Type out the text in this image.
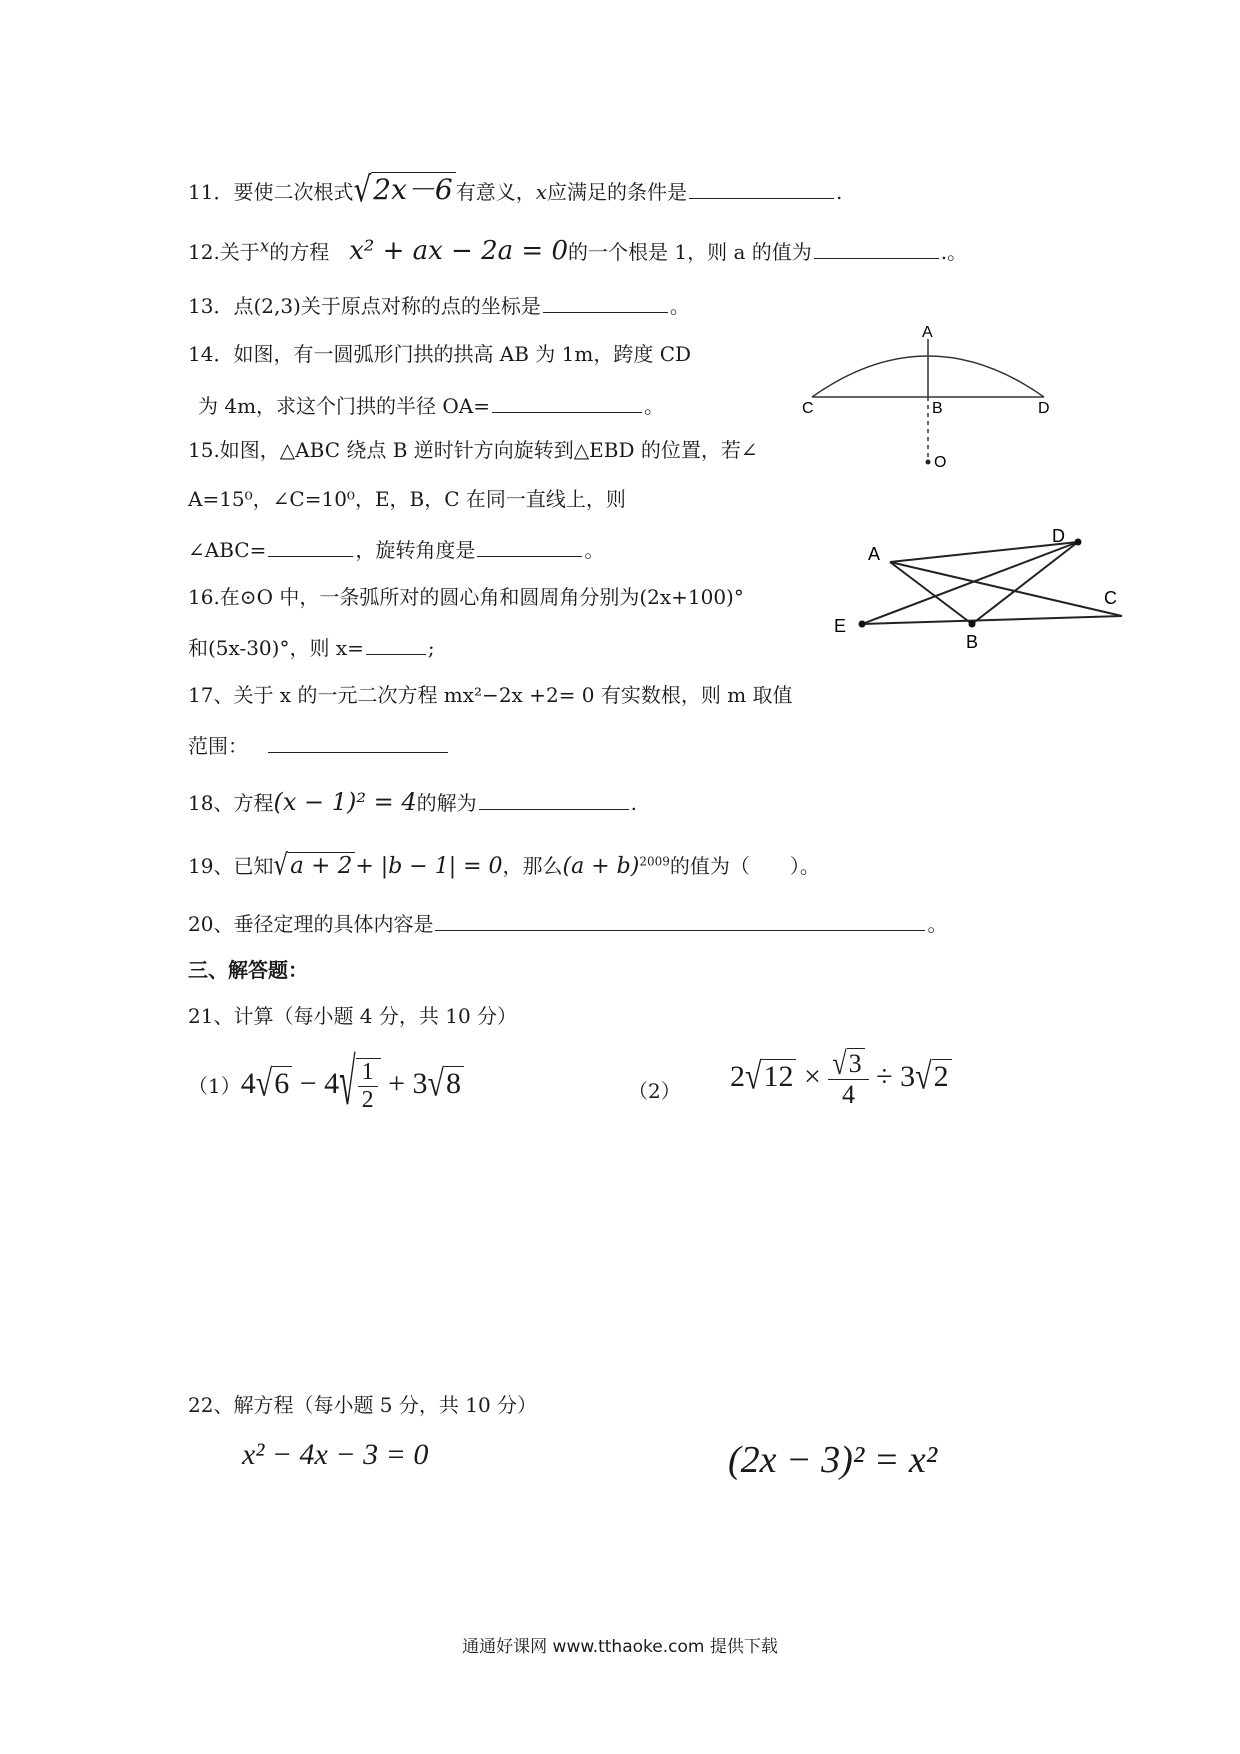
11．要使二次根式√2x－6 有意义，x应满足的条件是	.
12.关于$^x$的方程　x² + ax − 2a = 0的一个根是 1，则 a 的值为	.。
13．点(2,3)关于原点对称的点的坐标是	。
14．如图，有一圆弧形门拱的拱高 AB 为 1m，跨度 CD
为 4m，求这个门拱的半径 OA=	。
A
B
C	D
O
15.如图，△ABC 绕点 B 逆时针方向旋转到△EBD 的位置，若∠
A=15⁰，∠C=10⁰，E，B，C 在同一直线上，则
∠ABC=	，旋转角度是	。	A
D
C
E
B
16.在⊙O 中，一条弧所对的圆心角和圆周角分别为(2x+100)°
和(5x-30)°，则 x=	;
17、关于 x 的一元二次方程 mx²−2x +2= 0 有实数根，则 m 取值
范围：
18、方程(x − 1)² = 4的解为	.
19、已知√a + 2 + |b − 1| = 0，那么$(a + b)^{2009}$的值为（　　）。
20、垂径定理的具体内容是	。
三、解答题：
21、计算（每小题 4 分，共 10 分）
$(1)4√6 - 4√ \frac{1}{2} + 3√8$	（2） $2√12 \times \frac{√3}{4} \div 3√2$
22、解方程（每小题 5 分，共 10 分）
x² − 4x − 3 = 0	(2x − 3)² = x²
通通好课网 www.tthaoke.com 提供下载
